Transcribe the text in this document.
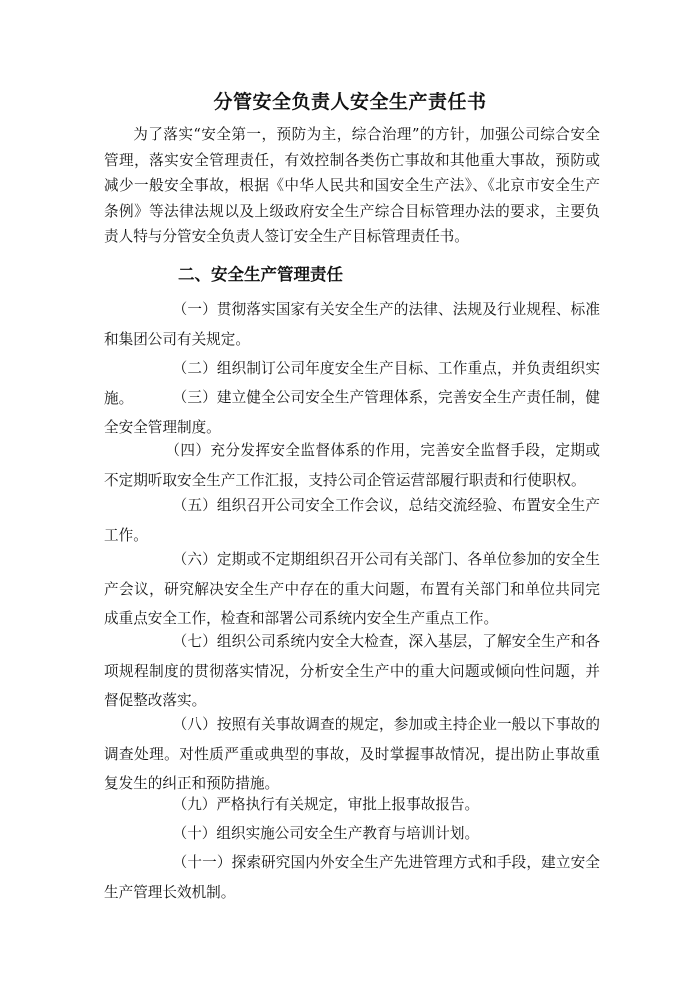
分管安全负责人安全生产责任书

为了落实“安全第一，预防为主，综合治理”的方针，加强公司综合安全管理，落实安全管理责任，有效控制各类伤亡事故和其他重大事故，预防或减少一般安全事故，根据《中华人民共和国安全生产法》、《北京市安全生产条例》等法律法规以及上级政府安全生产综合目标管理办法的要求，主要负责人特与分管安全负责人签订安全生产目标管理责任书。

二、安全生产管理责任

（一）贯彻落实国家有关安全生产的法律、法规及行业规程、标准和集团公司有关规定。

（二）组织制订公司年度安全生产目标、工作重点，并负责组织实施。	（三）建立健全公司安全生产管理体系，完善安全生产责任制，健全安全管理制度。

（四）充分发挥安全监督体系的作用，完善安全监督手段，定期或不定期听取安全生产工作汇报，支持公司企管运营部履行职责和行使职权。

（五）组织召开公司安全工作会议，总结交流经验、布置安全生产工作。

（六）定期或不定期组织召开公司有关部门、各单位参加的安全生产会议，研究解决安全生产中存在的重大问题，布置有关部门和单位共同完成重点安全工作，检查和部署公司系统内安全生产重点工作。

（七）组织公司系统内安全大检查，深入基层，了解安全生产和各项规程制度的贯彻落实情况，分析安全生产中的重大问题或倾向性问题，并督促整改落实。

（八）按照有关事故调查的规定，参加或主持企业一般以下事故的调查处理。对性质严重或典型的事故，及时掌握事故情况，提出防止事故重复发生的纠正和预防措施。

（九）严格执行有关规定，审批上报事故报告。

（十）组织实施公司安全生产教育与培训计划。

（十一）探索研究国内外安全生产先进管理方式和手段，建立安全生产管理长效机制。
